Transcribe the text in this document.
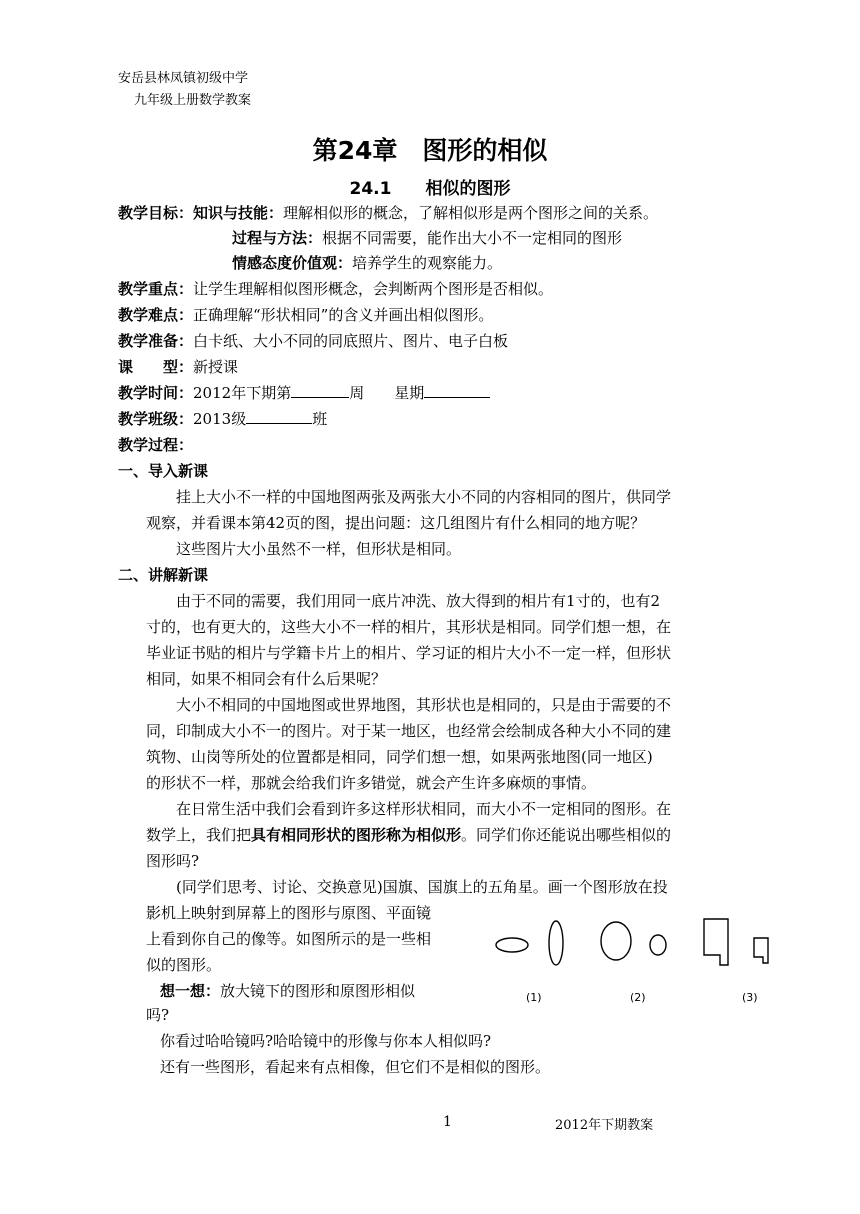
安岳县林凤镇初级中学
九年级上册数学教案
第24章　图形的相似
24.1　　相似的图形
教学目标：知识与技能：理解相似形的概念，了解相似形是两个图形之间的关系。
过程与方法：根据不同需要，能作出大小不一定相同的图形
情感态度价值观：培养学生的观察能力。
教学重点：让学生理解相似图形概念，会判断两个图形是否相似。
教学难点：正确理解“形状相同”的含义并画出相似图形。
教学准备：白卡纸、大小不同的同底照片、图片、电子白板
课　　型：新授课
教学时间：2012年下期第	周　　星期
教学班级：2013级	班
教学过程：
一、导入新课
挂上大小不一样的中国地图两张及两张大小不同的内容相同的图片，供同学
观察，并看课本第42页的图，提出问题：这几组图片有什么相同的地方呢？
这些图片大小虽然不一样，但形状是相同。
二、讲解新课
由于不同的需要，我们用同一底片冲洗、放大得到的相片有1寸的，也有2
寸的，也有更大的，这些大小不一样的相片，其形状是相同。同学们想一想，在
毕业证书贴的相片与学籍卡片上的相片、学习证的相片大小不一定一样，但形状
相同，如果不相同会有什么后果呢？
大小不相同的中国地图或世界地图，其形状也是相同的，只是由于需要的不
同，印制成大小不一的图片。对于某一地区，也经常会绘制成各种大小不同的建
筑物、山岗等所处的位置都是相同，同学们想一想，如果两张地图(同一地区)
的形状不一样，那就会给我们许多错觉，就会产生许多麻烦的事情。
在日常生活中我们会看到许多这样形状相同，而大小不一定相同的图形。在
数学上，我们把具有相同形状的图形称为相似形。同学们你还能说出哪些相似的
图形吗?
(同学们思考、讨论、交换意见)国旗、国旗上的五角星。画一个图形放在投
影机上映射到屏幕上的图形与原图、平面镜
上看到你自己的像等。如图所示的是一些相
似的图形。
想一想：放大镜下的图形和原图形相似
吗?
你看过哈哈镜吗?哈哈镜中的形像与你本人相似吗?
还有一些图形，看起来有点相像，但它们不是相似的图形。
(1)	(2)	(3)
1	2012年下期教案
